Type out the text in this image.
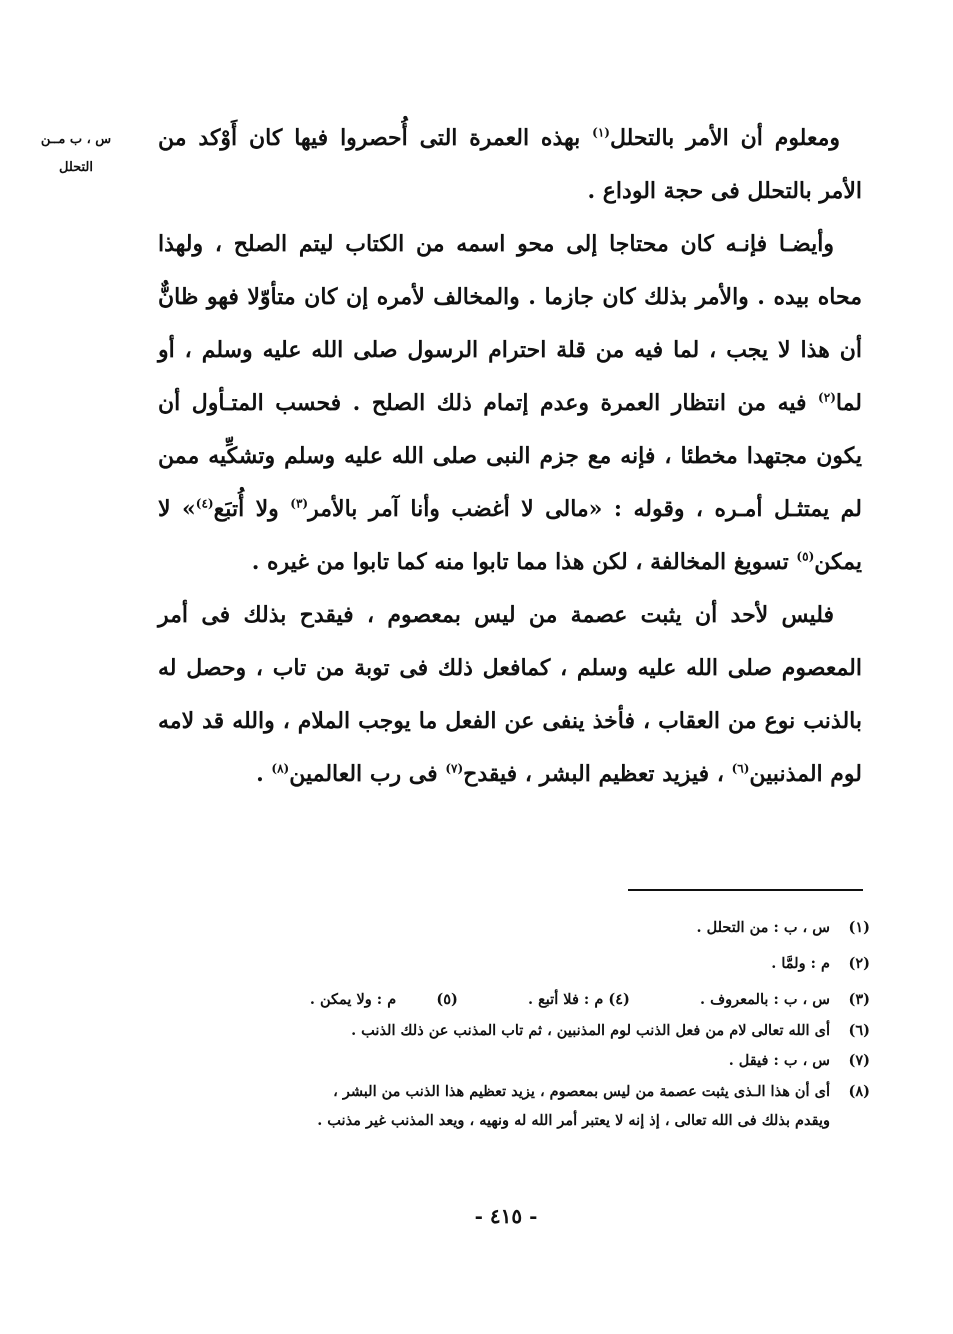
س ، ب مــن
التحلل

ومعلوم أن الأمر بالتحلل$^{(١)}$ بهذه العمرة التى أُحصروا فيها كان أَوْكد من الأمر بالتحلل فى حجة الوداع .

وأيضـا فإنـه كان محتاجا إلى محو اسمه من الكتاب ليتم الصلح ، ولهذا محاه بيده . والأمر بذلك كان جازما . والمخالف لأمره إن كان متأوّلا فهو ظانٌّ أن هذا لا يجب ، لما فيه من قلة احترام الرسول صلى الله عليه وسلم ، أو لما$^{(٢)}$ فيه من انتظار العمرة وعدم إتمام ذلك الصلح . فحسب المتـأول أن يكون مجتهدا مخطئا ، فإنه مع جزم النبى صلى الله عليه وسلم وتشكِّيه ممن لم يمتثـل أمـره ، وقوله : «مالى لا أغضب وأنا آمر بالأمر$^{(٣)}$ ولا أُتبَع$^{(٤)}$» لا يمكن$^{(٥)}$ تسويغ المخالفة ، لكن هذا مما تابوا منه كما تابوا من غيره .

فليس لأحد أن يثبت عصمة من ليس بمعصوم ، فيقدح بذلك فى أمر المعصوم صلى الله عليه وسلم ، كمافعل ذلك فى توبة من تاب ، وحصل له بالذنب نوع من العقاب ، فأخذ ينفى عن الفعل ما يوجب الملام ، والله قد لامه لوم المذنبين$^{(٦)}$ ، فيزيد تعظيم البشر ، فيقدح$^{(٧)}$ فى رب العالمين$^{(٨)}$ .

(١)
س ، ب : من التحلل .
(٢)
م : ولمَّا .
(٣)
س ، ب : بالمعروف .  (٤) م : فلا أتبع .  (٥)  م : ولا يمكن .
(٦)
أى الله تعالى لام من فعل الذنب لوم المذنبين ، ثم تاب المذنب عن ذلك الذنب .
(٧)
س ، ب : فيقل .
(٨)
أى أن هذا الـذى يثبت عصمة من ليس بمعصوم ، يزيد تعظيم هذا الذنب من البشر ،
ويقدم بذلك فى الله تعالى ، إذ إنه لا يعتبر أمر الله له ونهيه ، ويعد المذنب غير مذنب .
- ٤١٥ -
